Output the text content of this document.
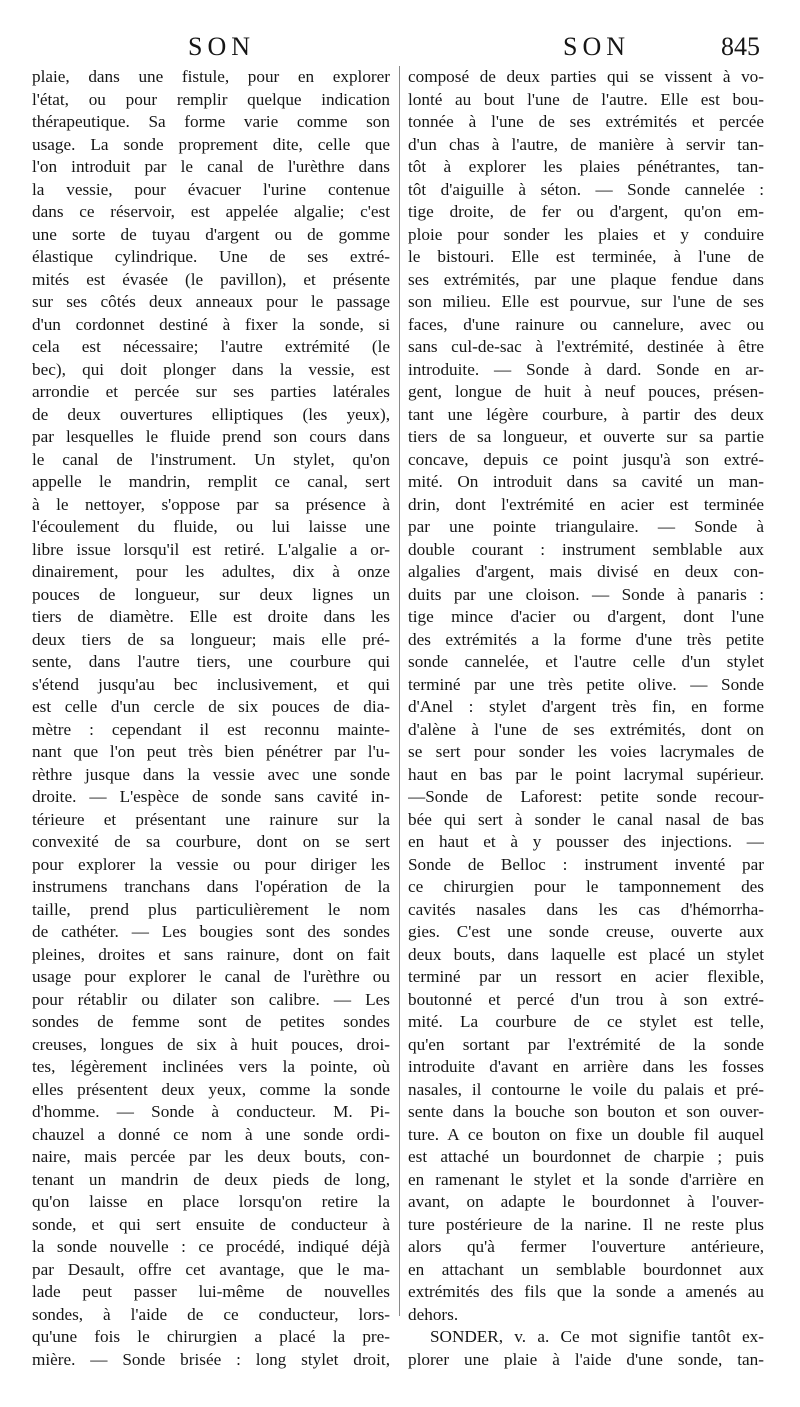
SON	SON	845
plaie, dans une fistule, pour en explorer
l'état, ou pour remplir quelque indication
thérapeutique. Sa forme varie comme son
usage. La sonde proprement dite, celle que
l'on introduit par le canal de l'urèthre dans
la vessie, pour évacuer l'urine contenue
dans ce réservoir, est appelée algalie; c'est
une sorte de tuyau d'argent ou de gomme
élastique cylindrique. Une de ses extré-
mités est évasée (le pavillon), et présente
sur ses côtés deux anneaux pour le passage
d'un cordonnet destiné à fixer la sonde, si
cela est nécessaire; l'autre extrémité (le
bec), qui doit plonger dans la vessie, est
arrondie et percée sur ses parties latérales
de deux ouvertures elliptiques (les yeux),
par lesquelles le fluide prend son cours dans
le canal de l'instrument. Un stylet, qu'on
appelle le mandrin, remplit ce canal, sert
à le nettoyer, s'oppose par sa présence à
l'écoulement du fluide, ou lui laisse une
libre issue lorsqu'il est retiré. L'algalie a or-
dinairement, pour les adultes, dix à onze
pouces de longueur, sur deux lignes un
tiers de diamètre. Elle est droite dans les
deux tiers de sa longueur; mais elle pré-
sente, dans l'autre tiers, une courbure qui
s'étend jusqu'au bec inclusivement, et qui
est celle d'un cercle de six pouces de dia-
mètre : cependant il est reconnu mainte-
nant que l'on peut très bien pénétrer par l'u-
rèthre jusque dans la vessie avec une sonde
droite. — L'espèce de sonde sans cavité in-
térieure et présentant une rainure sur la
convexité de sa courbure, dont on se sert
pour explorer la vessie ou pour diriger les
instrumens tranchans dans l'opération de la
taille, prend plus particulièrement le nom
de cathéter. — Les bougies sont des sondes
pleines, droites et sans rainure, dont on fait
usage pour explorer le canal de l'urèthre ou
pour rétablir ou dilater son calibre. — Les
sondes de femme sont de petites sondes
creuses, longues de six à huit pouces, droi-
tes, légèrement inclinées vers la pointe, où
elles présentent deux yeux, comme la sonde
d'homme. — Sonde à conducteur. M. Pi-
chauzel a donné ce nom à une sonde ordi-
naire, mais percée par les deux bouts, con-
tenant un mandrin de deux pieds de long,
qu'on laisse en place lorsqu'on retire la
sonde, et qui sert ensuite de conducteur à
la sonde nouvelle : ce procédé, indiqué déjà
par Desault, offre cet avantage, que le ma-
lade peut passer lui-même de nouvelles
sondes, à l'aide de ce conducteur, lors-
qu'une fois le chirurgien a placé la pre-
mière. — Sonde brisée : long stylet droit,
composé de deux parties qui se vissent à vo-
lonté au bout l'une de l'autre. Elle est bou-
tonnée à l'une de ses extrémités et percée
d'un chas à l'autre, de manière à servir tan-
tôt à explorer les plaies pénétrantes, tan-
tôt d'aiguille à séton. — Sonde cannelée :
tige droite, de fer ou d'argent, qu'on em-
ploie pour sonder les plaies et y conduire
le bistouri. Elle est terminée, à l'une de
ses extrémités, par une plaque fendue dans
son milieu. Elle est pourvue, sur l'une de ses
faces, d'une rainure ou cannelure, avec ou
sans cul-de-sac à l'extrémité, destinée à être
introduite. — Sonde à dard. Sonde en ar-
gent, longue de huit à neuf pouces, présen-
tant une légère courbure, à partir des deux
tiers de sa longueur, et ouverte sur sa partie
concave, depuis ce point jusqu'à son extré-
mité. On introduit dans sa cavité un man-
drin, dont l'extrémité en acier est terminée
par une pointe triangulaire. — Sonde à
double courant : instrument semblable aux
algalies d'argent, mais divisé en deux con-
duits par une cloison. — Sonde à panaris :
tige mince d'acier ou d'argent, dont l'une
des extrémités a la forme d'une très petite
sonde cannelée, et l'autre celle d'un stylet
terminé par une très petite olive. — Sonde
d'Anel : stylet d'argent très fin, en forme
d'alène à l'une de ses extrémités, dont on
se sert pour sonder les voies lacrymales de
haut en bas par le point lacrymal supérieur.
—Sonde de Laforest: petite sonde recour-
bée qui sert à sonder le canal nasal de bas
en haut et à y pousser des injections. —
Sonde de Belloc : instrument inventé par
ce chirurgien pour le tamponnement des
cavités nasales dans les cas d'hémorrha-
gies. C'est une sonde creuse, ouverte aux
deux bouts, dans laquelle est placé un stylet
terminé par un ressort en acier flexible,
boutonné et percé d'un trou à son extré-
mité. La courbure de ce stylet est telle,
qu'en sortant par l'extrémité de la sonde
introduite d'avant en arrière dans les fosses
nasales, il contourne le voile du palais et pré-
sente dans la bouche son bouton et son ouver-
ture. A ce bouton on fixe un double fil auquel
est attaché un bourdonnet de charpie ; puis
en ramenant le stylet et la sonde d'arrière en
avant, on adapte le bourdonnet à l'ouver-
ture postérieure de la narine. Il ne reste plus
alors qu'à fermer l'ouverture antérieure,
en attachant un semblable bourdonnet aux
extrémités des fils que la sonde a amenés au
dehors.
SONDER, v. a. Ce mot signifie tantôt ex-
plorer une plaie à l'aide d'une sonde, tan-
